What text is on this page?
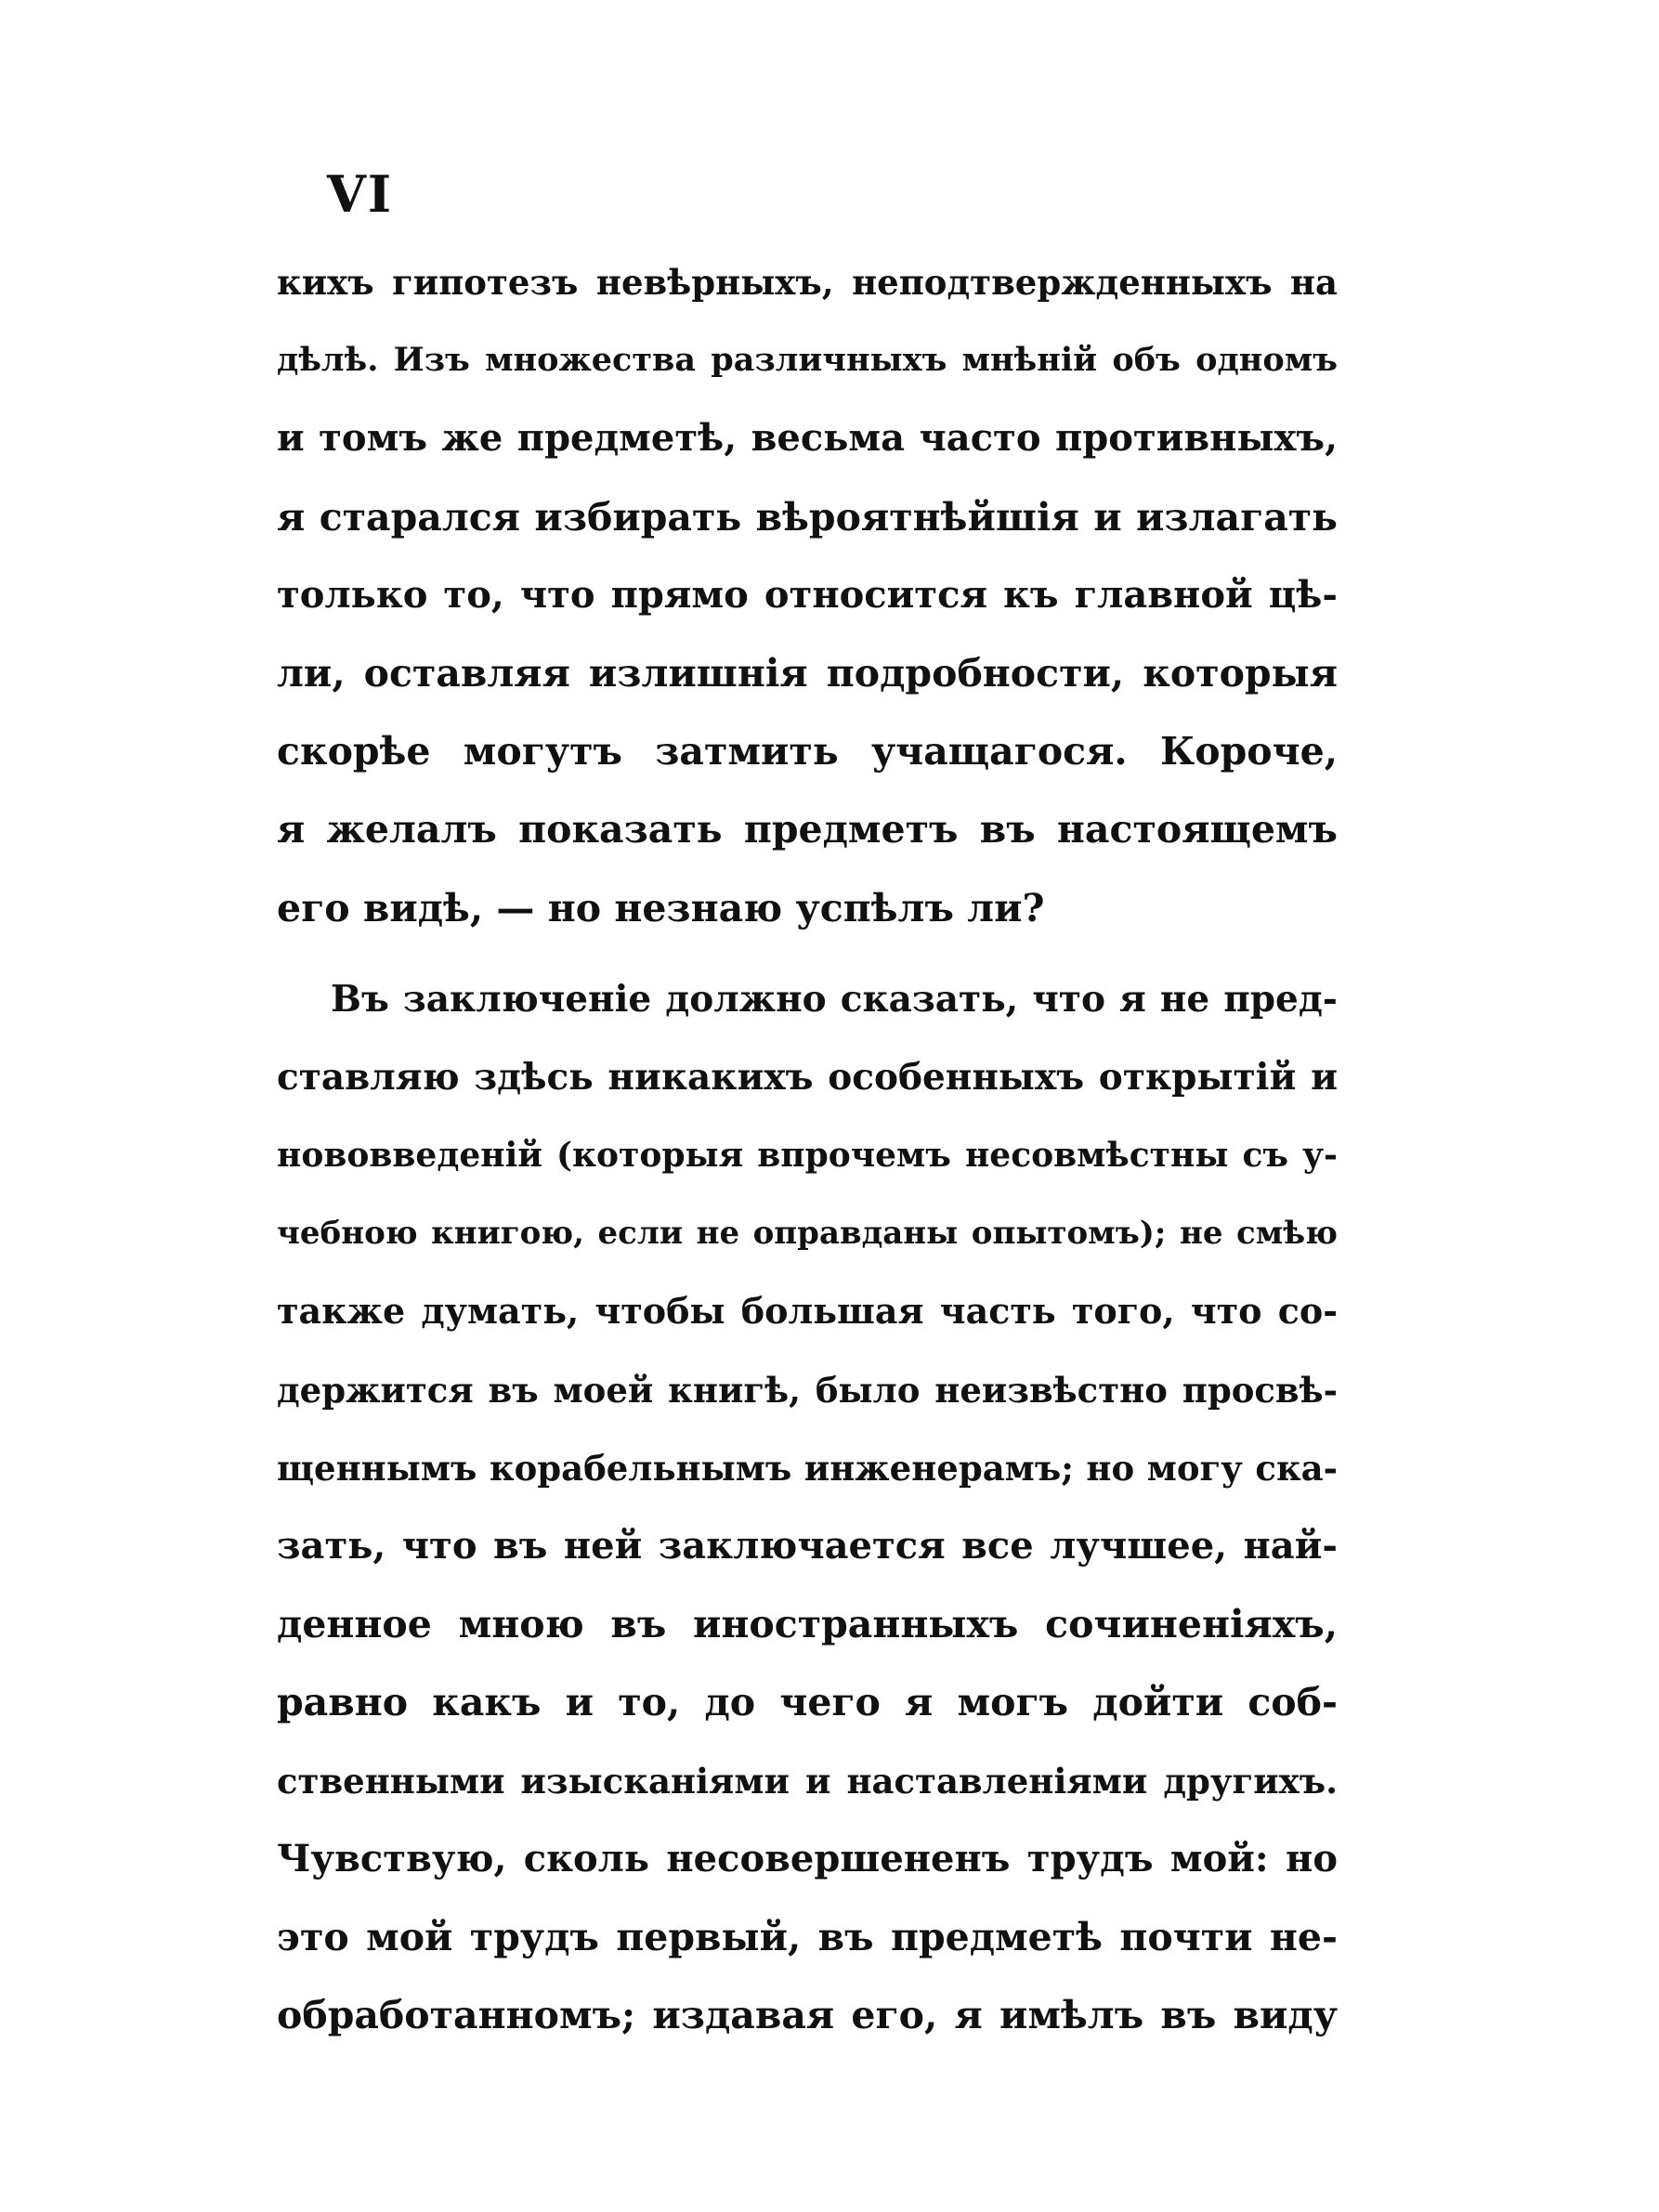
VI
кихъ гипотезъ невѣрныхъ, неподтвержденныхъ на
дѣлѣ. Изъ множества различныхъ мнѣній объ одномъ
и томъ же предметѣ, весьма часто противныхъ,
я старался избирать вѣроятнѣйшія и излагать
только то, что прямо относится къ главной цѣ-
ли, оставляя излишнія подробности, которыя
скорѣе могутъ затмить учащагося. Короче,
я желалъ показать предметъ въ настоящемъ
его видѣ, — но незнаю успѣлъ ли?
Въ заключеніе должно сказать, что я не пред-
ставляю здѣсь никакихъ особенныхъ открытій и
нововведеній (которыя впрочемъ несовмѣстны съ у-
чебною книгою, если не оправданы опытомъ); не смѣю
также думать, чтобы большая часть того, что со-
держится въ моей книгѣ, было неизвѣстно просвѣ-
щеннымъ корабельнымъ инженерамъ; но могу ска-
зать, что въ ней заключается все лучшее, най-
денное мною въ иностранныхъ сочиненіяхъ,
равно какъ и то, до чего я могъ дойти соб-
ственными изысканіями и наставленіями другихъ.
Чувствую, сколь несовершененъ трудъ мой: но
это мой трудъ первый, въ предметѣ почти не-
обработанномъ; издавая его, я имѣлъ въ виду
